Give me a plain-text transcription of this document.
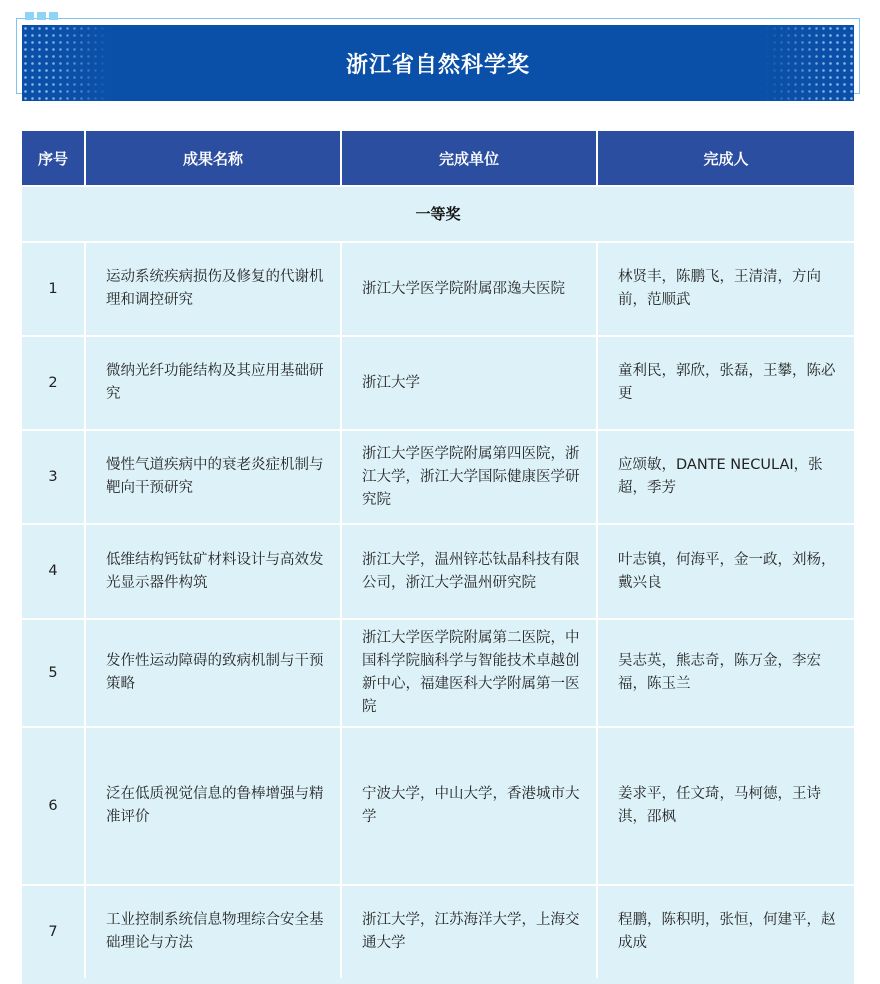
浙江省自然科学奖
序号	成果名称	完成单位	完成人
一等奖			
1	运动系统疾病损伤及修复的代谢机理和调控研究	浙江大学医学院附属邵逸夫医院	林贤丰，陈鹏飞，王清清，方向前，范顺武
2	微纳光纤功能结构及其应用基础研究	浙江大学	童利民，郭欣，张磊，王攀，陈必更
3	慢性气道疾病中的衰老炎症机制与靶向干预研究	浙江大学医学院附属第四医院，浙江大学，浙江大学国际健康医学研究院	应颂敏，DANTE NECULAI，张超，季芳
4	低维结构钙钛矿材料设计与高效发光显示器件构筑	浙江大学，温州锌芯钛晶科技有限公司，浙江大学温州研究院	叶志镇，何海平，金一政，刘杨，戴兴良
5	发作性运动障碍的致病机制与干预策略	浙江大学医学院附属第二医院，中国科学院脑科学与智能技术卓越创新中心，福建医科大学附属第一医院	吴志英，熊志奇，陈万金，李宏福，陈玉兰
6	泛在低质视觉信息的鲁棒增强与精准评价	宁波大学，中山大学，香港城市大学	姜求平，任文琦，马柯德，王诗淇，邵枫
7	工业控制系统信息物理综合安全基础理论与方法	浙江大学，江苏海洋大学，上海交通大学	程鹏，陈积明，张恒，何建平，赵成成
